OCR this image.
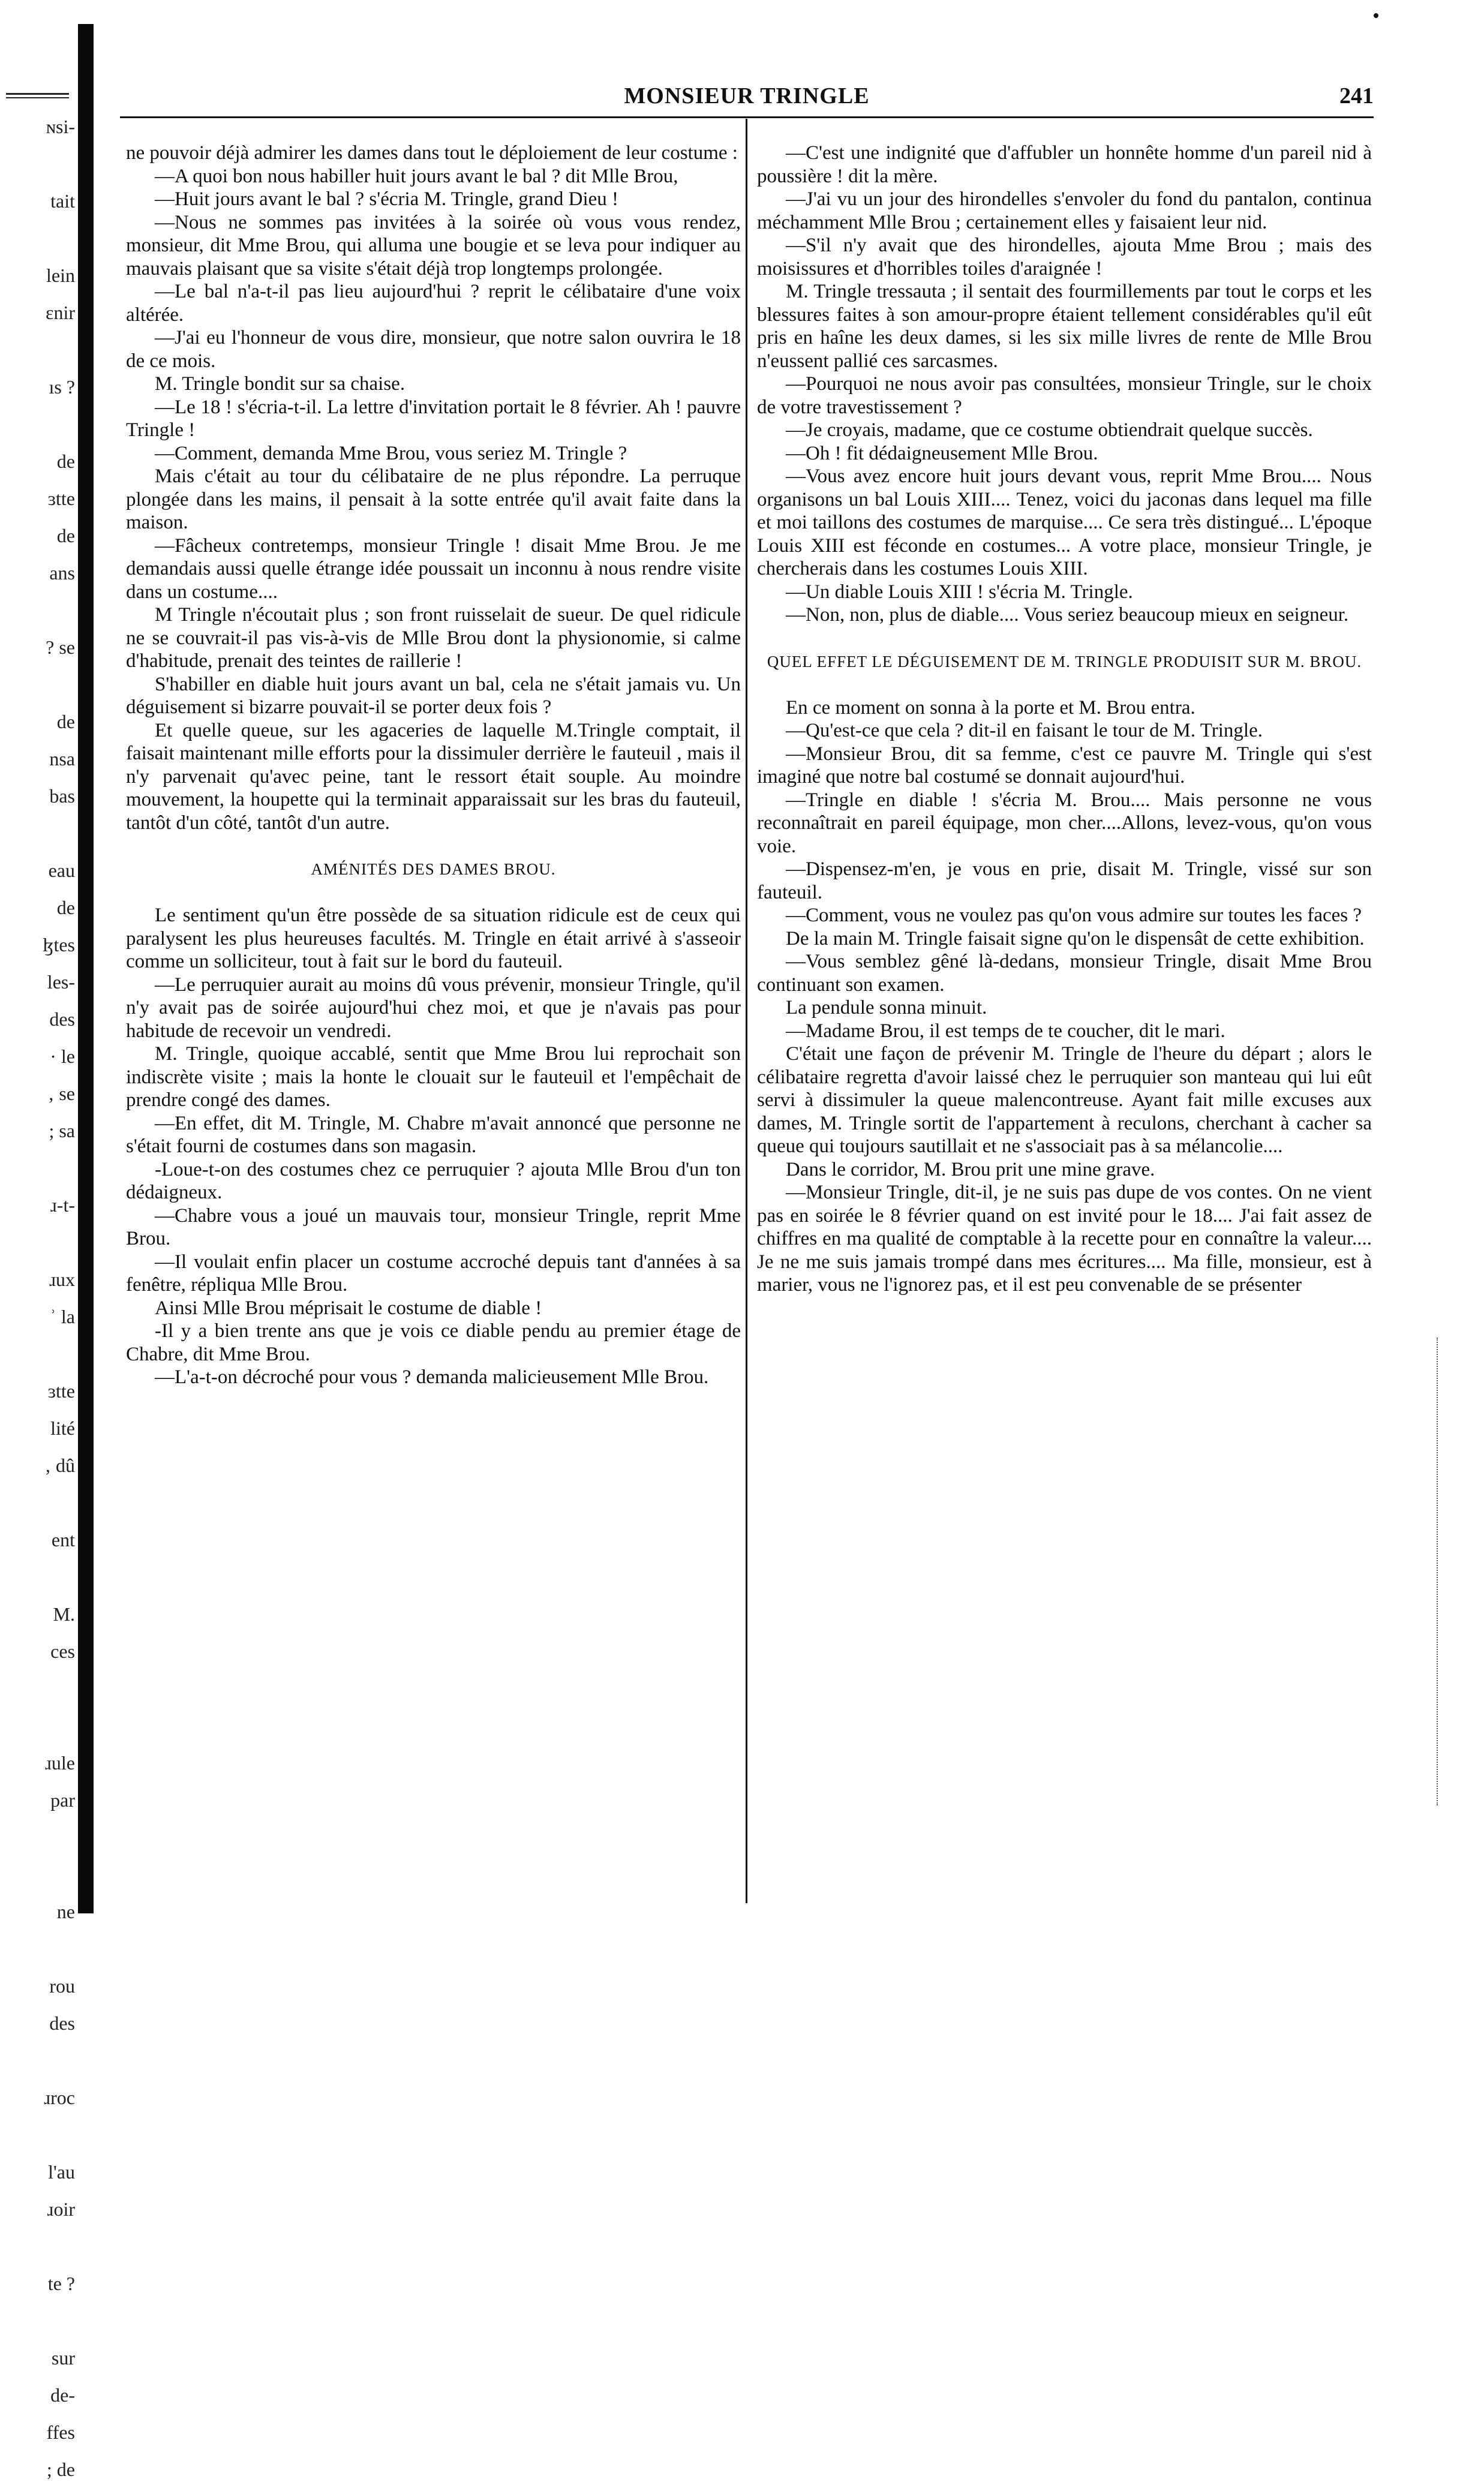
ɴsi-
tait
lein
ɛnir
ıs ?
de
ɜtte
de
ans
? se
de
nsa
bas
eau
de
ɮtes
les-
des
· le
‚ se
; sa
ɹ-t-
ɹux
ʾ la
ɜtte
lité
‚ dû
ent
M.
ces
ɹule
par
ne
rou
des
ɹroc
l'au
ɹoir
te ?
sur
de-
ffes
; de
MONSIEUR TRINGLE	241

ne pouvoir déjà admirer les dames dans tout le déploiement de leur costume :

—A quoi bon nous habiller huit jours avant le bal ? dit Mlle Brou,

—Huit jours avant le bal ? s'écria M. Tringle, grand Dieu !

—Nous ne sommes pas invitées à la soirée où vous vous rendez, monsieur, dit Mme Brou, qui alluma une bougie et se leva pour indiquer au mauvais plaisant que sa visite s'était déjà trop longtemps prolongée.

—Le bal n'a-t-il pas lieu aujourd'hui ? reprit le célibataire d'une voix altérée.

—J'ai eu l'honneur de vous dire, monsieur, que notre salon ouvrira le 18 de ce mois.

M. Tringle bondit sur sa chaise.

—Le 18 ! s'écria-t-il. La lettre d'invitation portait le 8 février. Ah ! pauvre Tringle !

—Comment, demanda Mme Brou, vous seriez M. Tringle ?

Mais c'était au tour du célibataire de ne plus répondre. La perruque plongée dans les mains, il pensait à la sotte entrée qu'il avait faite dans la maison.

—Fâcheux contretemps, monsieur Tringle ! disait Mme Brou. Je me demandais aussi quelle étrange idée poussait un inconnu à nous rendre visite dans un costume....

M Tringle n'écoutait plus ; son front ruisselait de sueur. De quel ridicule ne se couvrait-il pas vis-à-vis de Mlle Brou dont la physionomie, si calme d'habitude, prenait des teintes de raillerie !

S'habiller en diable huit jours avant un bal, cela ne s'était jamais vu. Un déguisement si bizarre pouvait-il se porter deux fois ?

Et quelle queue, sur les agaceries de laquelle M.Tringle comptait, il faisait maintenant mille efforts pour la dissimuler derrière le fauteuil , mais il n'y parvenait qu'avec peine, tant le ressort était souple. Au moindre mouvement, la houpette qui la terminait apparaissait sur les bras du fauteuil, tantôt d'un côté, tantôt d'un autre.

AMÉNITÉS DES DAMES BROU.

Le sentiment qu'un être possède de sa situation ridicule est de ceux qui paralysent les plus heureuses facultés. M. Tringle en était arrivé à s'asseoir comme un solliciteur, tout à fait sur le bord du fauteuil.

—Le perruquier aurait au moins dû vous prévenir, monsieur Tringle, qu'il n'y avait pas de soirée aujourd'hui chez moi, et que je n'avais pas pour habitude de recevoir un vendredi.

M. Tringle, quoique accablé, sentit que Mme Brou lui reprochait son indiscrète visite ; mais la honte le clouait sur le fauteuil et l'empêchait de prendre congé des dames.

—En effet, dit M. Tringle, M. Chabre m'avait annoncé que personne ne s'était fourni de costumes dans son magasin.

-Loue-t-on des costumes chez ce perruquier ? ajouta Mlle Brou d'un ton dédaigneux.

—Chabre vous a joué un mauvais tour, monsieur Tringle, reprit Mme Brou.

—Il voulait enfin placer un costume accroché depuis tant d'années à sa fenêtre, répliqua Mlle Brou.

Ainsi Mlle Brou méprisait le costume de diable !

-Il y a bien trente ans que je vois ce diable pendu au premier étage de Chabre, dit Mme Brou.

—L'a-t-on décroché pour vous ? demanda malicieusement Mlle Brou.

—C'est une indignité que d'affubler un honnête homme d'un pareil nid à poussière ! dit la mère.

—J'ai vu un jour des hirondelles s'envoler du fond du pantalon, continua méchamment Mlle Brou ; certainement elles y faisaient leur nid.

—S'il n'y avait que des hirondelles, ajouta Mme Brou ; mais des moisissures et d'horribles toiles d'araignée !

M. Tringle tressauta ; il sentait des fourmillements par tout le corps et les blessures faites à son amour-propre étaient tellement considérables qu'il eût pris en haîne les deux dames, si les six mille livres de rente de Mlle Brou n'eussent pallié ces sarcasmes.

—Pourquoi ne nous avoir pas consultées, monsieur Tringle, sur le choix de votre travestissement ?

—Je croyais, madame, que ce costume obtiendrait quelque succès.

—Oh ! fit dédaigneusement Mlle Brou.

—Vous avez encore huit jours devant vous, reprit Mme Brou.... Nous organisons un bal Louis XIII.... Tenez, voici du jaconas dans lequel ma fille et moi taillons des costumes de marquise.... Ce sera très distingué... L'époque Louis XIII est féconde en costumes... A votre place, monsieur Tringle, je chercherais dans les costumes Louis XIII.

—Un diable Louis XIII ! s'écria M. Tringle.

—Non, non, plus de diable.... Vous seriez beaucoup mieux en seigneur.

QUEL EFFET LE DÉGUISEMENT DE M. TRINGLE PRODUISIT SUR M. BROU.

En ce moment on sonna à la porte et M. Brou entra.

—Qu'est-ce que cela ? dit-il en faisant le tour de M. Tringle.

—Monsieur Brou, dit sa femme, c'est ce pauvre M. Tringle qui s'est imaginé que notre bal costumé se donnait aujourd'hui.

—Tringle en diable ! s'écria M. Brou.... Mais personne ne vous reconnaîtrait en pareil équipage, mon cher....Allons, levez-vous, qu'on vous voie.

—Dispensez-m'en, je vous en prie, disait M. Tringle, vissé sur son fauteuil.

—Comment, vous ne voulez pas qu'on vous admire sur toutes les faces ?

De la main M. Tringle faisait signe qu'on le dispensât de cette exhibition.

—Vous semblez gêné là-dedans, monsieur Tringle, disait Mme Brou continuant son examen.

La pendule sonna minuit.

—Madame Brou, il est temps de te coucher, dit le mari.

C'était une façon de prévenir M. Tringle de l'heure du départ ; alors le célibataire regretta d'avoir laissé chez le perruquier son manteau qui lui eût servi à dissimuler la queue malencontreuse. Ayant fait mille excuses aux dames, M. Tringle sortit de l'appartement à reculons, cherchant à cacher sa queue qui toujours sautillait et ne s'associait pas à sa mélancolie....

Dans le corridor, M. Brou prit une mine grave.

—Monsieur Tringle, dit-il, je ne suis pas dupe de vos contes. On ne vient pas en soirée le 8 février quand on est invité pour le 18.... J'ai fait assez de chiffres en ma qualité de comptable à la recette pour en connaître la valeur.... Je ne me suis jamais trompé dans mes écritures.... Ma fille, monsieur, est à marier, vous ne l'ignorez pas, et il est peu convenable de se présenter
